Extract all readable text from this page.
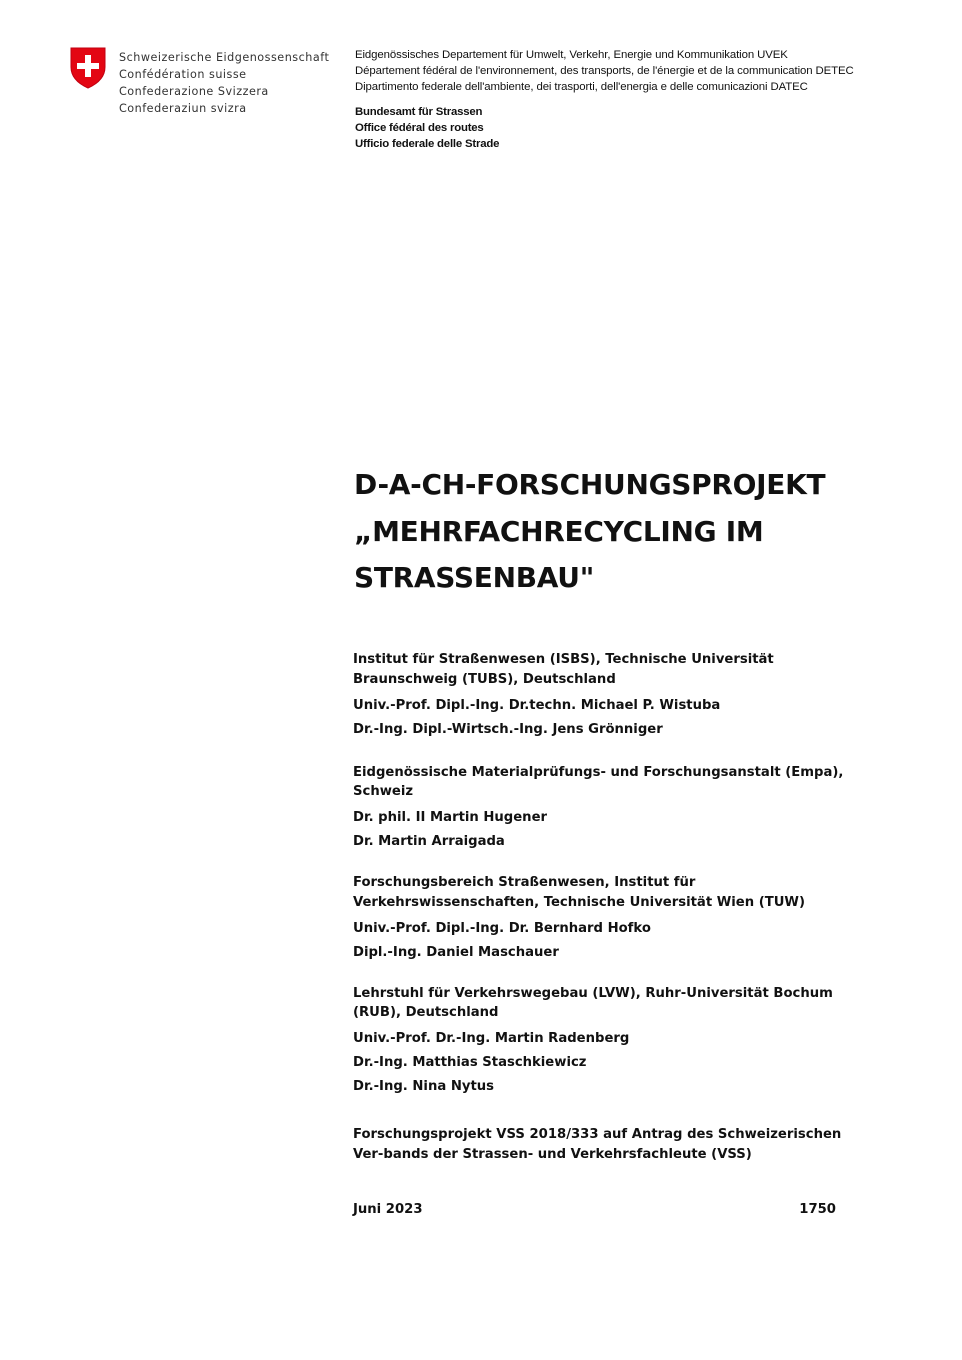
Schweizerische Eidgenossenschaft
Confédération suisse
Confederazione Svizzera
Confederaziun svizra
Eidgenössisches Departement für Umwelt, Verkehr, Energie und Kommunikation UVEK
Département fédéral de l'environnement, des transports, de l'énergie et de la communication DETEC
Dipartimento federale dell'ambiente, dei trasporti, dell'energia e delle comunicazioni DATEC
Bundesamt für Strassen
Office fédéral des routes
Ufficio federale delle Strade
D-A-CH-FORSCHUNGSPROJEKT
„MEHRFACHRECYCLING IM
STRASSENBAU"
Institut für Straßenwesen (ISBS), Technische Universität Braunschweig (TUBS), Deutschland
Univ.-Prof. Dipl.-Ing. Dr.techn. Michael P. Wistuba
Dr.-Ing. Dipl.-Wirtsch.-Ing. Jens Grönniger
Eidgenössische Materialprüfungs- und Forschungsanstalt (Empa), Schweiz
Dr. phil. II Martin Hugener
Dr. Martin Arraigada
Forschungsbereich Straßenwesen, Institut für Verkehrswissenschaften, Technische Universität Wien (TUW)
Univ.-Prof. Dipl.-Ing. Dr. Bernhard Hofko
Dipl.-Ing. Daniel Maschauer
Lehrstuhl für Verkehrswegebau (LVW), Ruhr-Universität Bochum (RUB), Deutschland
Univ.-Prof. Dr.-Ing. Martin Radenberg
Dr.-Ing. Matthias Staschkiewicz
Dr.-Ing. Nina Nytus
Forschungsprojekt VSS 2018/333 auf Antrag des Schweizerischen Ver-bands der Strassen- und Verkehrsfachleute (VSS)
Juni 2023	1750
